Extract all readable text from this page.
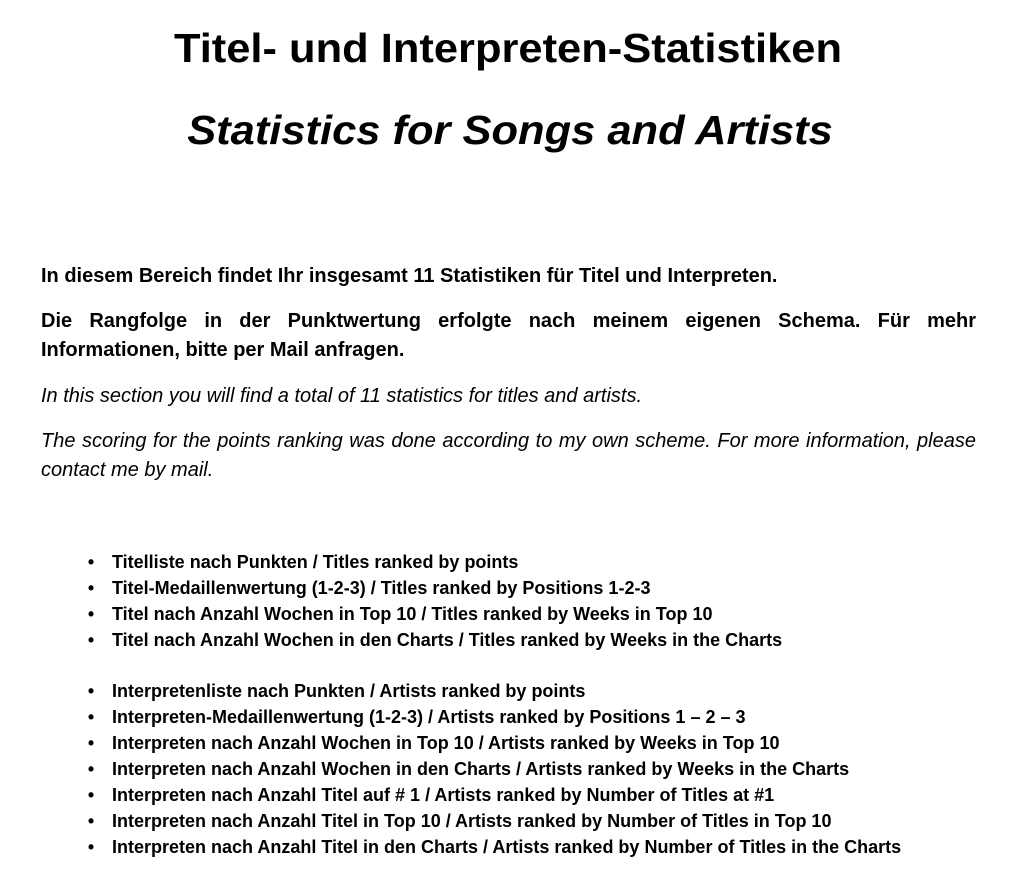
Titel- und Interpreten-Statistiken
Statistics for Songs and Artists

In diesem Bereich findet Ihr insgesamt 11 Statistiken für Titel und Interpreten.

Die Rangfolge in der Punktwertung erfolgte nach meinem eigenen Schema. Für mehr Informationen, bitte per Mail anfragen.

In this section you will find a total of 11 statistics for titles and artists.

The scoring for the points ranking was done according to my own scheme. For more information, please contact me by mail.

• Titelliste nach Punkten / Titles ranked by points
• Titel-Medaillenwertung (1-2-3) / Titles ranked by Positions 1-2-3
• Titel nach Anzahl Wochen in Top 10 / Titles ranked by Weeks in Top 10
• Titel nach Anzahl Wochen in den Charts / Titles ranked by Weeks in the Charts
• Interpretenliste nach Punkten / Artists ranked by points
• Interpreten-Medaillenwertung (1-2-3) / Artists ranked by Positions 1 – 2 – 3
• Interpreten nach Anzahl Wochen in Top 10 / Artists ranked by Weeks in Top 10
• Interpreten nach Anzahl Wochen in den Charts / Artists ranked by Weeks in the Charts
• Interpreten nach Anzahl Titel auf # 1 / Artists ranked by Number of Titles at #1
• Interpreten nach Anzahl Titel in Top 10 / Artists ranked by Number of Titles in Top 10
• Interpreten nach Anzahl Titel in den Charts / Artists ranked by Number of Titles in the Charts
